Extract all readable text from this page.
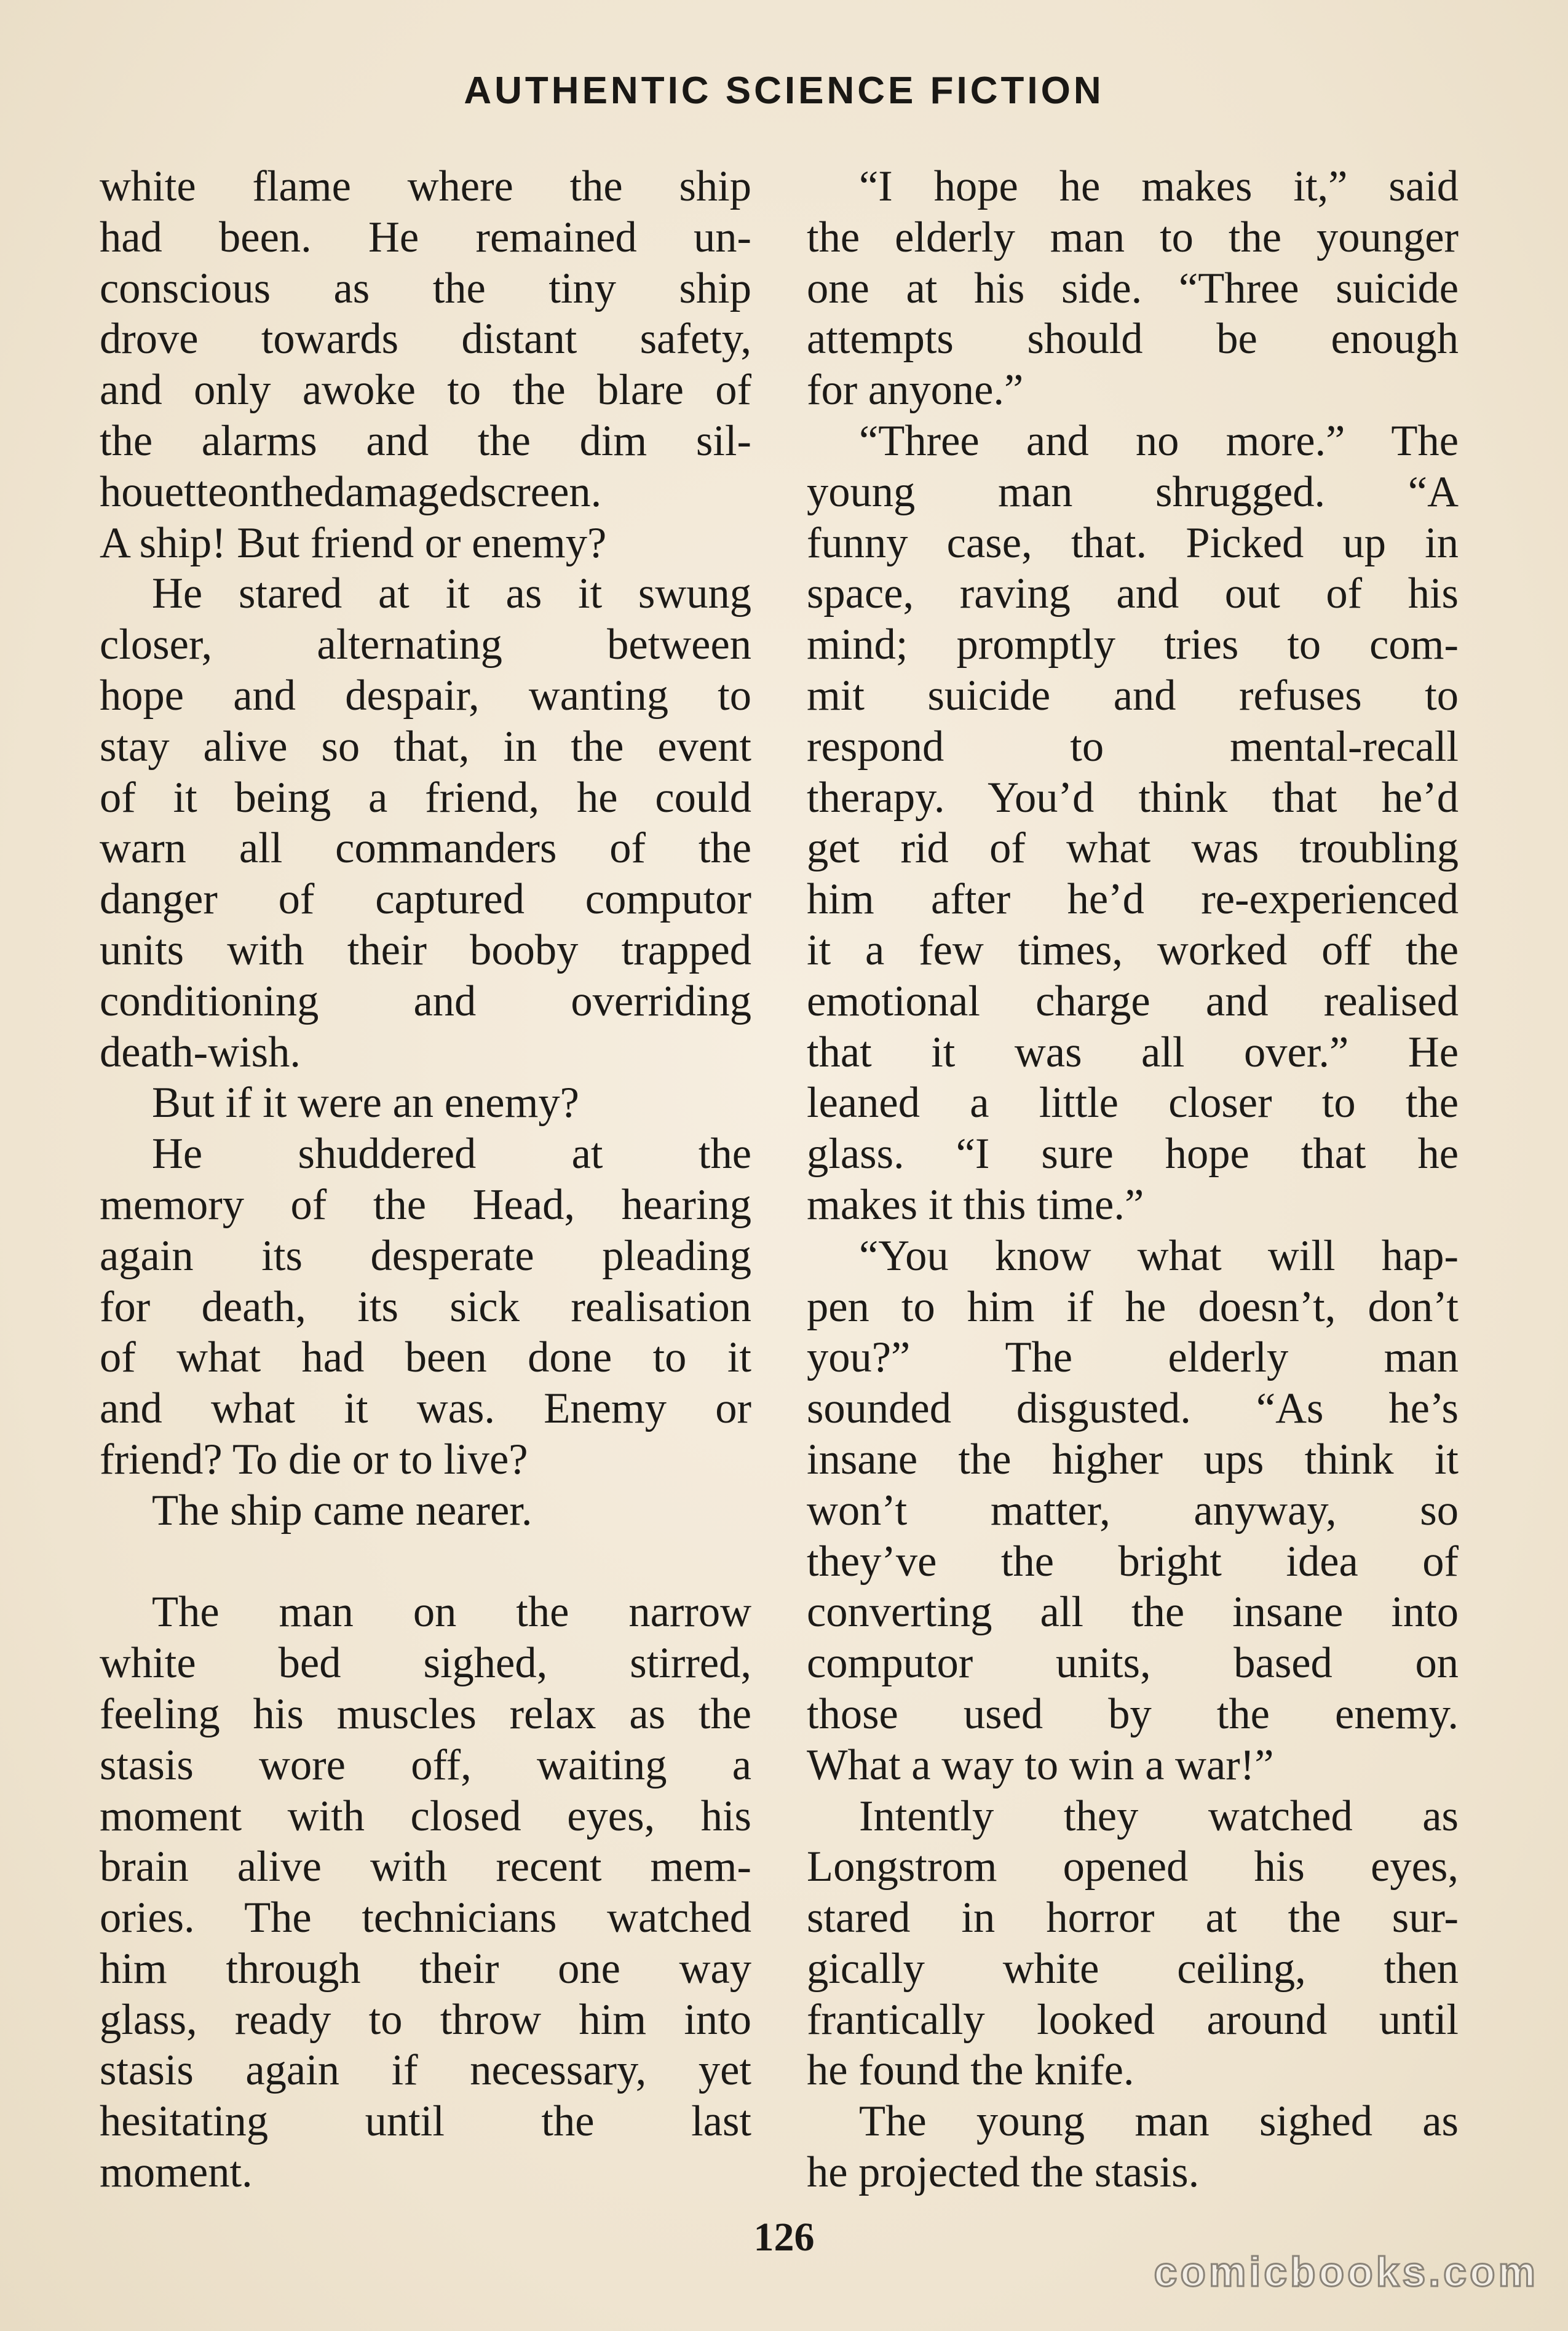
AUTHENTIC SCIENCE FICTION
white flame where the ship
had been. He remained un-
conscious as the tiny ship
drove towards distant safety,
and only awoke to the blare of
the alarms and the dim sil-
houetteonthedamagedscreen.
A ship! But friend or enemy?
He stared at it as it swung
closer, alternating between
hope and despair, wanting to
stay alive so that, in the event
of it being a friend, he could
warn all commanders of the
danger of captured computor
units with their booby trapped
conditioning and overriding
death-wish.
But if it were an enemy?
He shuddered at the
memory of the Head, hearing
again its desperate pleading
for death, its sick realisation
of what had been done to it
and what it was. Enemy or
friend? To die or to live?
The ship came nearer.
The man on the narrow
white bed sighed, stirred,
feeling his muscles relax as the
stasis wore off, waiting a
moment with closed eyes, his
brain alive with recent mem-
ories. The technicians watched
him through their one way
glass, ready to throw him into
stasis again if necessary, yet
hesitating until the last
moment.
“I hope he makes it,” said
the elderly man to the younger
one at his side. “Three suicide
attempts should be enough
for anyone.”
“Three and no more.” The
young man shrugged. “A
funny case, that. Picked up in
space, raving and out of his
mind; promptly tries to com-
mit suicide and refuses to
respond to mental-recall
therapy. You’d think that he’d
get rid of what was troubling
him after he’d re-experienced
it a few times, worked off the
emotional charge and realised
that it was all over.” He
leaned a little closer to the
glass. “I sure hope that he
makes it this time.”
“You know what will hap-
pen to him if he doesn’t, don’t
you?” The elderly man
sounded disgusted. “As he’s
insane the higher ups think it
won’t matter, anyway, so
they’ve the bright idea of
converting all the insane into
computor units, based on
those used by the enemy.
What a way to win a war!”
Intently they watched as
Longstrom opened his eyes,
stared in horror at the sur-
gically white ceiling, then
frantically looked around until
he found the knife.
The young man sighed as
he projected the stasis.
126
comicbooks.com
